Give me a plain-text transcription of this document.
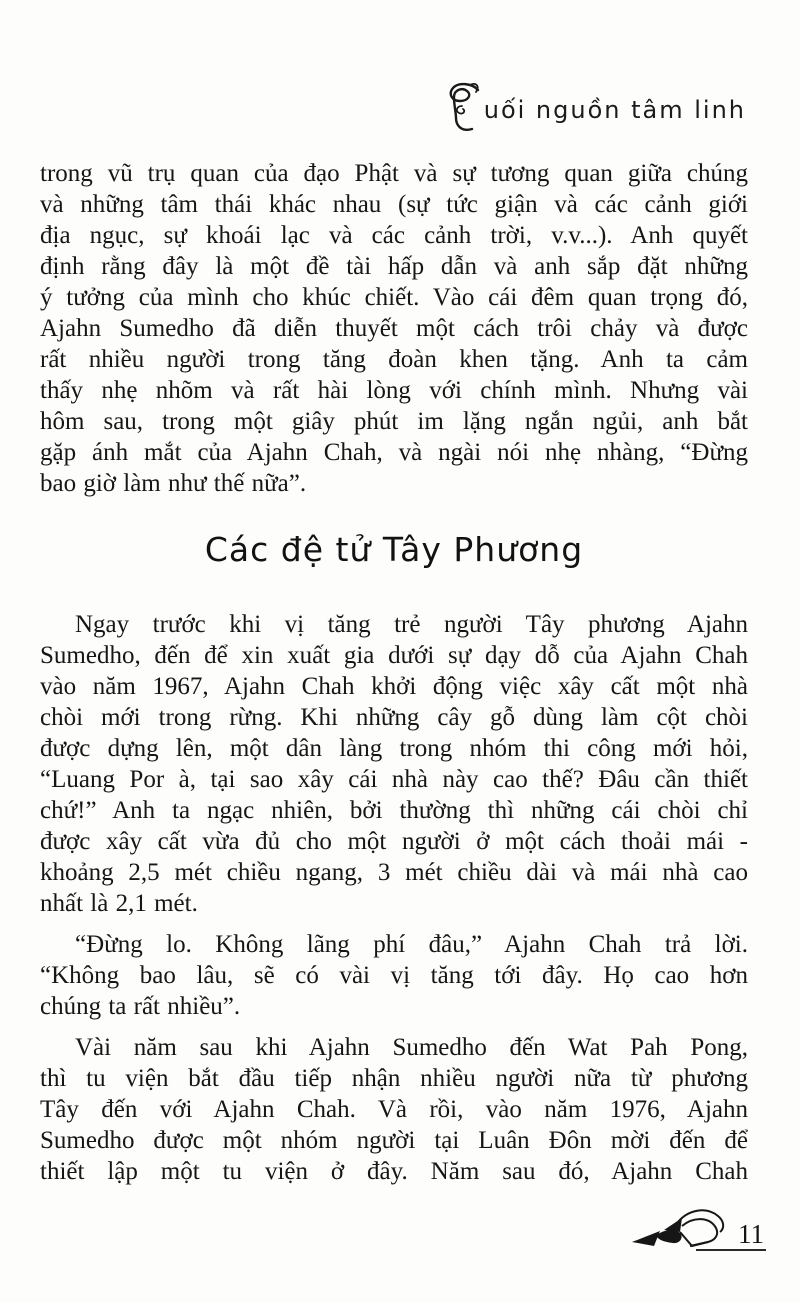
uối nguồn tâm linh
trong vũ trụ quan của đạo Phật và sự tương quan giữa chúng
và những tâm thái khác nhau (sự tức giận và các cảnh giới
địa ngục, sự khoái lạc và các cảnh trời, v.v...). Anh quyết
định rằng đây là một đề tài hấp dẫn và anh sắp đặt những
ý tưởng của mình cho khúc chiết. Vào cái đêm quan trọng đó,
Ajahn Sumedho đã diễn thuyết một cách trôi chảy và được
rất nhiều người trong tăng đoàn khen tặng. Anh ta cảm
thấy nhẹ nhõm và rất hài lòng với chính mình. Nhưng vài
hôm sau, trong một giây phút im lặng ngắn ngủi, anh bắt
gặp ánh mắt của Ajahn Chah, và ngài nói nhẹ nhàng, “Đừng
bao giờ làm như thế nữa”.
Các đệ tử Tây Phương
Ngay trước khi vị tăng trẻ người Tây phương Ajahn
Sumedho, đến để xin xuất gia dưới sự dạy dỗ của Ajahn Chah
vào năm 1967, Ajahn Chah khởi động việc xây cất một nhà
chòi mới trong rừng. Khi những cây gỗ dùng làm cột chòi
được dựng lên, một dân làng trong nhóm thi công mới hỏi,
“Luang Por à, tại sao xây cái nhà này cao thế? Đâu cần thiết
chứ!” Anh ta ngạc nhiên, bởi thường thì những cái chòi chỉ
được xây cất vừa đủ cho một người ở một cách thoải mái -
khoảng 2,5 mét chiều ngang, 3 mét chiều dài và mái nhà cao
nhất là 2,1 mét.
“Đừng lo. Không lãng phí đâu,” Ajahn Chah trả lời.
“Không bao lâu, sẽ có vài vị tăng tới đây. Họ cao hơn
chúng ta rất nhiều”.
Vài năm sau khi Ajahn Sumedho đến Wat Pah Pong,
thì tu viện bắt đầu tiếp nhận nhiều người nữa từ phương
Tây đến với Ajahn Chah. Và rồi, vào năm 1976, Ajahn
Sumedho được một nhóm người tại Luân Đôn mời đến để
thiết lập một tu viện ở đây. Năm sau đó, Ajahn Chah
11
